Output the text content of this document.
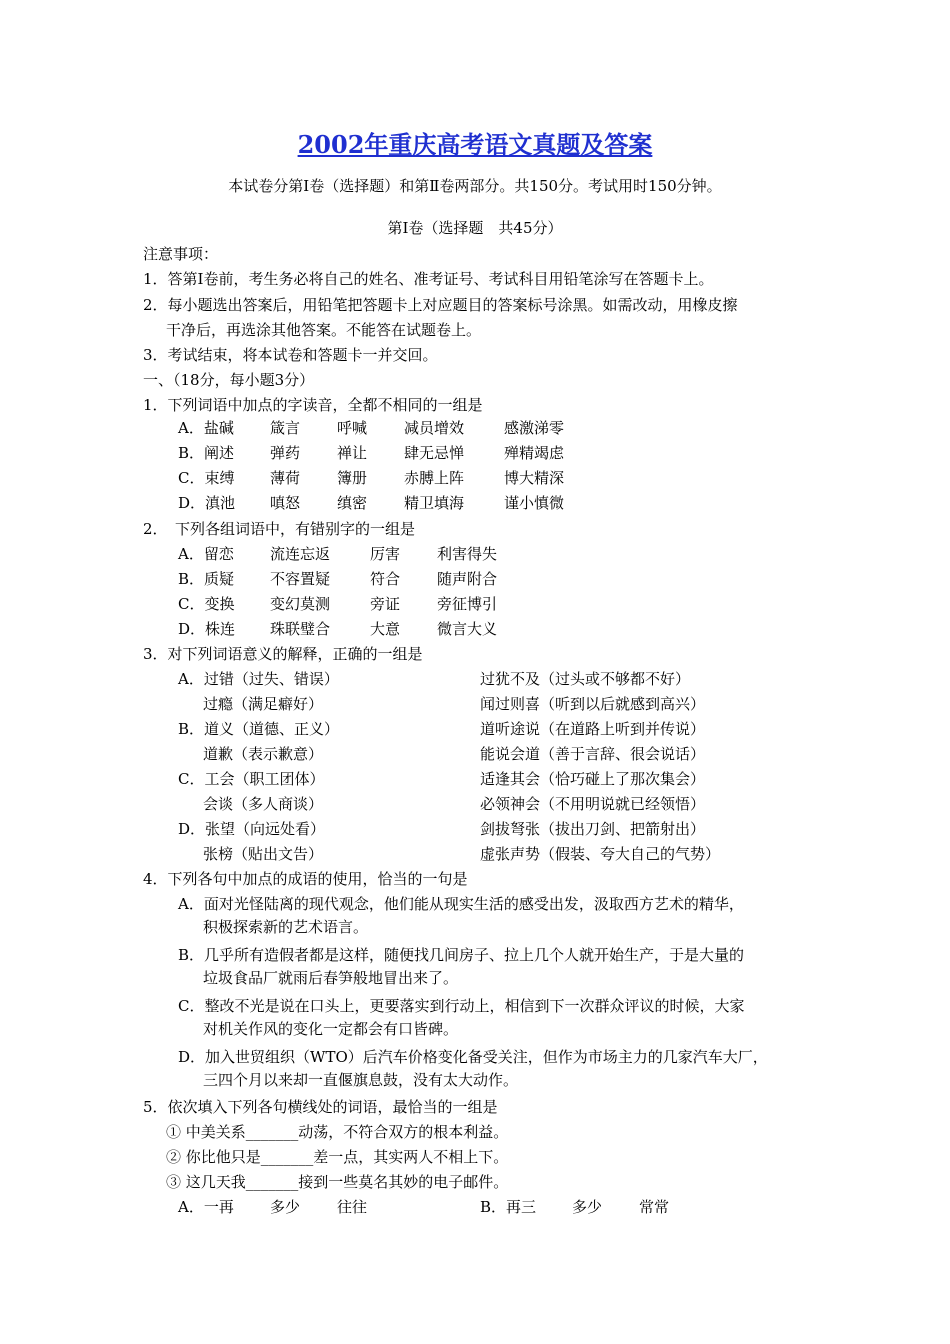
2002年重庆高考语文真题及答案
本试卷分第Ⅰ卷（选择题）和第Ⅱ卷两部分。共150分。考试用时150分钟。
第Ⅰ卷（选择题　共45分）
注意事项：
1．答第Ⅰ卷前，考生务必将自己的姓名、准考证号、考试科目用铅笔涂写在答题卡上。
2．每小题选出答案后，用铅笔把答题卡上对应题目的答案标号涂黑。如需改动，用橡皮擦
干净后，再选涂其他答案。不能答在试题卷上。
3．考试结束，将本试卷和答题卡一并交回。
一、（18分，每小题3分）
1．下列词语中加点的字读音，全都不相同的一组是
A．盐碱 箴言 呼喊 减员增效	感激涕零
B．阐述 弹药 禅让 肆无忌惮	殚精竭虑
C．束缚 薄荷 簿册 赤膊上阵	博大精深
D．滇池 嗔怒 缜密 精卫填海	谨小慎微
2．　下列各组词语中，有错别字的一组是
A．留恋 流连忘返	厉害 利害得失
B．质疑 不容置疑	符合 随声附合
C．变换 变幻莫测	旁证 旁征博引
D．株连 珠联璧合	大意 微言大义
3．对下列词语意义的解释，正确的一组是
A．过错（过失、错误）	过犹不及（过头或不够都不好）
过瘾（满足癖好）	闻过则喜（听到以后就感到高兴）
B．道义（道德、正义）	道听途说（在道路上听到并传说）
道歉（表示歉意）	能说会道（善于言辞、很会说话）
C．工会（职工团体）	适逢其会（恰巧碰上了那次集会）
会谈（多人商谈）	必领神会（不用明说就已经领悟）
D．张望（向远处看）	剑拔弩张（拔出刀剑、把箭射出）
张榜（贴出文告）	虚张声势（假装、夸大自己的气势）
4．下列各句中加点的成语的使用，恰当的一句是
A．面对光怪陆离的现代观念，他们能从现实生活的感受出发，汲取西方艺术的精华，
积极探索新的艺术语言。
B．几乎所有造假者都是这样，随便找几间房子、拉上几个人就开始生产，于是大量的
垃圾食品厂就雨后春笋般地冒出来了。
C．整改不光是说在口头上，更要落实到行动上，相信到下一次群众评议的时候，大家
对机关作风的变化一定都会有口皆碑。
D．加入世贸组织（WTO）后汽车价格变化备受关注，但作为市场主力的几家汽车大厂，
三四个月以来却一直偃旗息鼓，没有太大动作。
5．依次填入下列各句横线处的词语，最恰当的一组是
① 中美关系_______动荡，不符合双方的根本利益。
② 你比他只是_______差一点，其实两人不相上下。
③ 这几天我_______接到一些莫名其妙的电子邮件。
A．一再 多少 往往	B．再三 多少 常常
